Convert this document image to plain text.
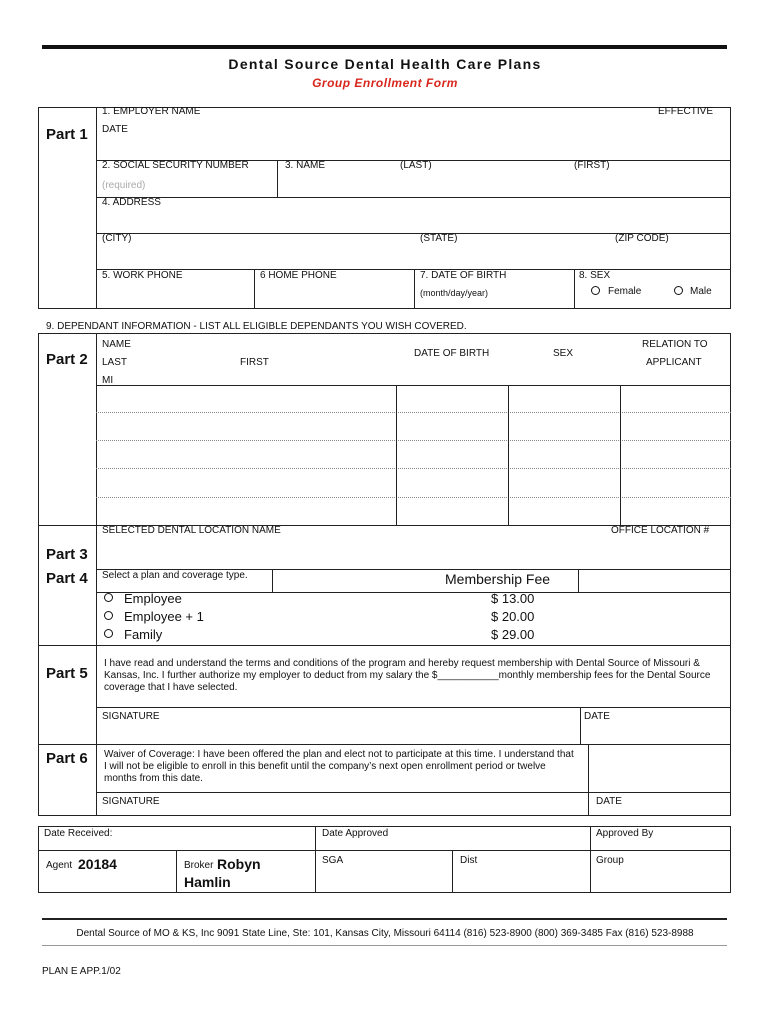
Dental Source Dental Health Care Plans
Group Enrollment Form
Part 1
1. EMPLOYER NAME	EFFECTIVE
DATE
2. SOCIAL SECURITY NUMBER
(required)
3. NAME	(LAST)	(FIRST)
4. ADDRESS
(CITY)	(STATE)	(ZIP CODE)
5. WORK PHONE	6 HOME PHONE	7. DATE OF BIRTH
(month/day/year)
8. SEX
Female	Male
9. DEPENDANT INFORMATION - LIST ALL ELIGIBLE DEPENDANTS YOU WISH COVERED.
Part 2
NAME
LAST	FIRST
MI
DATE OF BIRTH	SEX
RELATION TO
APPLICANT
Part 3
SELECTED DENTAL LOCATION NAME	OFFICE LOCATION #
Part 4 Select a plan and coverage type.	Membership Fee
Employee	$ 13.00
Employee + 1	$ 20.00
Family	$ 29.00
Part 5
I have read and understand the terms and conditions of the program and hereby request membership with Dental Source of Missouri &
Kansas, Inc. I further authorize my employer to deduct from my salary the $___________monthly membership fees for the Dental Source
coverage that I have selected.
SIGNATURE	DATE
Part 6 Waiver of Coverage: I have been offered the plan and elect not to participate at this time. I understand that
I will not be eligible to enroll in this benefit until the company’s next open enrollment period or twelve
months from this date.
SIGNATURE	DATE
Date Received:	Date Approved	Approved By
Agent 20184	Broker Robyn
Hamlin
SGA	Dist	Group
Dental Source of MO & KS, Inc 9091 State Line, Ste: 101, Kansas City, Missouri 64114 (816) 523-8900 (800) 369-3485 Fax (816) 523-8988
PLAN E APP.1/02
